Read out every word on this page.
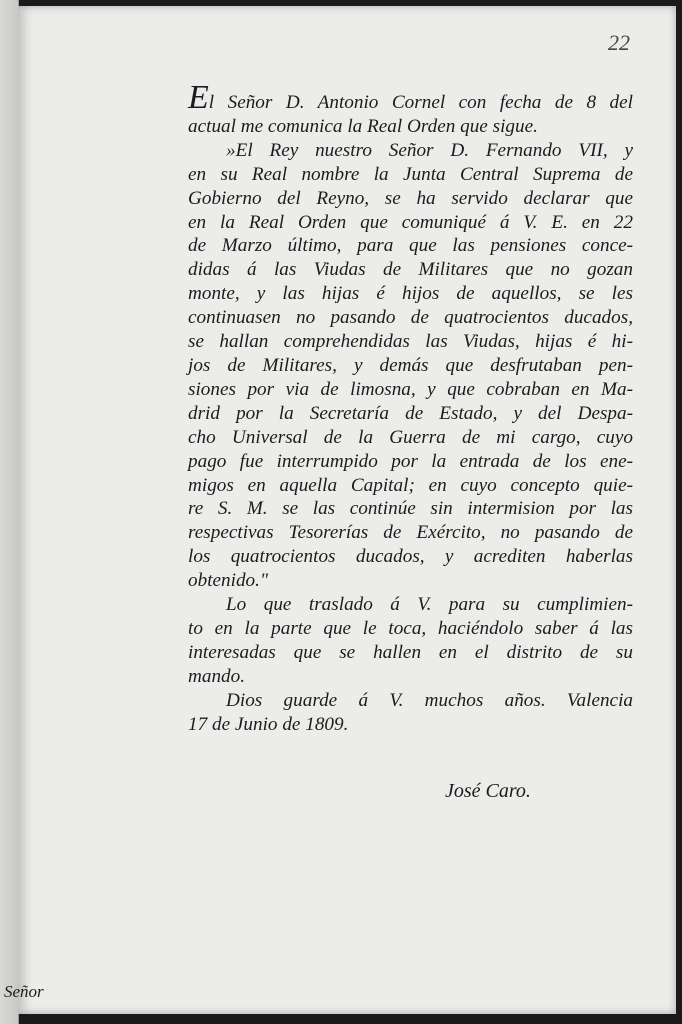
22
El Señor D. Antonio Cornel con fecha de 8 del
actual me comunica la Real Orden que sigue.
»El Rey nuestro Señor D. Fernando VII, y
en su Real nombre la Junta Central Suprema de
Gobierno del Reyno, se ha servido declarar que
en la Real Orden que comuniqué á V. E. en 22
de Marzo último, para que las pensiones conce-
didas á las Viudas de Militares que no gozan
monte, y las hijas é hijos de aquellos, se les
continuasen no pasando de quatrocientos ducados,
se hallan comprehendidas las Viudas, hijas é hi-
jos de Militares, y demás que desfrutaban pen-
siones por via de limosna, y que cobraban en Ma-
drid por la Secretaría de Estado, y del Despa-
cho Universal de la Guerra de mi cargo, cuyo
pago fue interrumpido por la entrada de los ene-
migos en aquella Capital; en cuyo concepto quie-
re S. M. se las continúe sin intermision por las
respectivas Tesorerías de Exército, no pasando de
los quatrocientos ducados, y acrediten haberlas
obtenido."
Lo que traslado á V. para su cumplimien-
to en la parte que le toca, haciéndolo saber á las
interesadas que se hallen en el distrito de su
mando.
Dios guarde á V. muchos años. Valencia
17 de Junio de 1809.
José Caro.
Señor
